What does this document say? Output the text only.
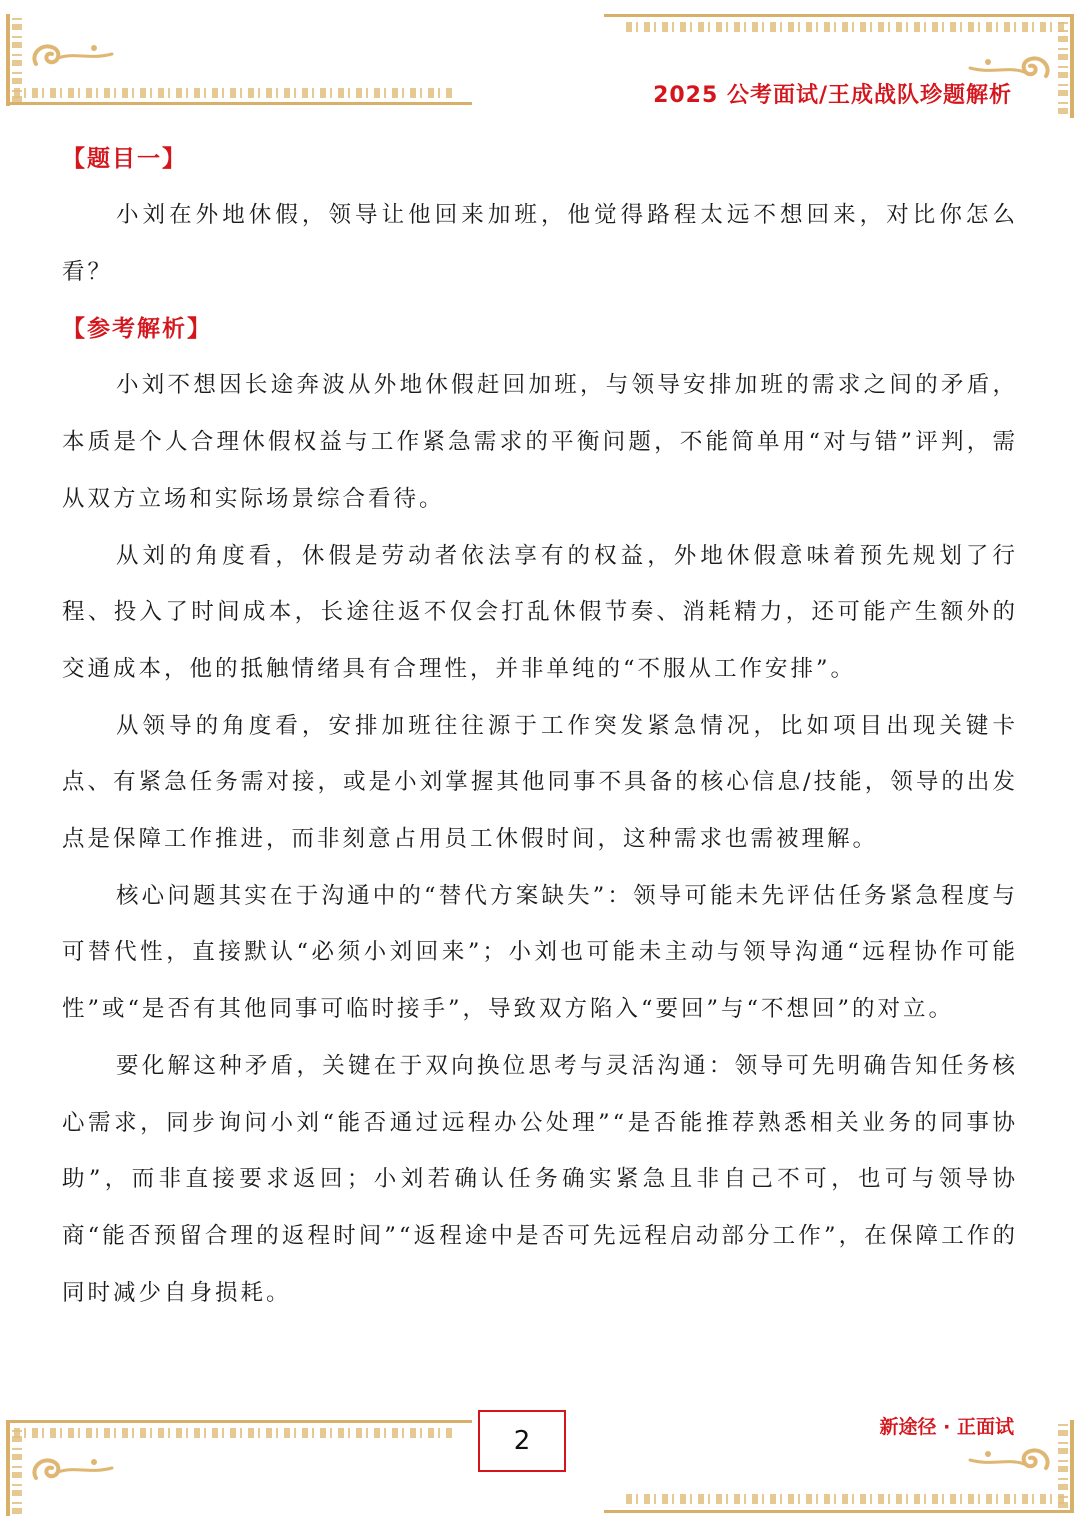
2025 公考面试/王成战队珍题解析
【题目一】

小刘在外地休假，领导让他回来加班，他觉得路程太远不想回来，对比你怎么看？

【参考解析】

小刘不想因长途奔波从外地休假赶回加班，与领导安排加班的需求之间的矛盾，本质是个人合理休假权益与工作紧急需求的平衡问题，不能简单用“对与错”评判，需从双方立场和实际场景综合看待。

从刘的角度看，休假是劳动者依法享有的权益，外地休假意味着预先规划了行程、投入了时间成本，长途往返不仅会打乱休假节奏、消耗精力，还可能产生额外的交通成本，他的抵触情绪具有合理性，并非单纯的“不服从工作安排”。

从领导的角度看，安排加班往往源于工作突发紧急情况，比如项目出现关键卡点、有紧急任务需对接，或是小刘掌握其他同事不具备的核心信息/技能，领导的出发点是保障工作推进，而非刻意占用员工休假时间，这种需求也需被理解。

核心问题其实在于沟通中的“替代方案缺失”：领导可能未先评估任务紧急程度与可替代性，直接默认“必须小刘回来”；小刘也可能未主动与领导沟通“远程协作可能性”或“是否有其他同事可临时接手”，导致双方陷入“要回”与“不想回”的对立。

要化解这种矛盾，关键在于双向换位思考与灵活沟通：领导可先明确告知任务核心需求，同步询问小刘“能否通过远程办公处理”“是否能推荐熟悉相关业务的同事协助”，而非直接要求返回；小刘若确认任务确实紧急且非自己不可，也可与领导协商“能否预留合理的返程时间”“返程途中是否可先远程启动部分工作”，在保障工作的同时减少自身损耗。

2	新途径 · 正面试
